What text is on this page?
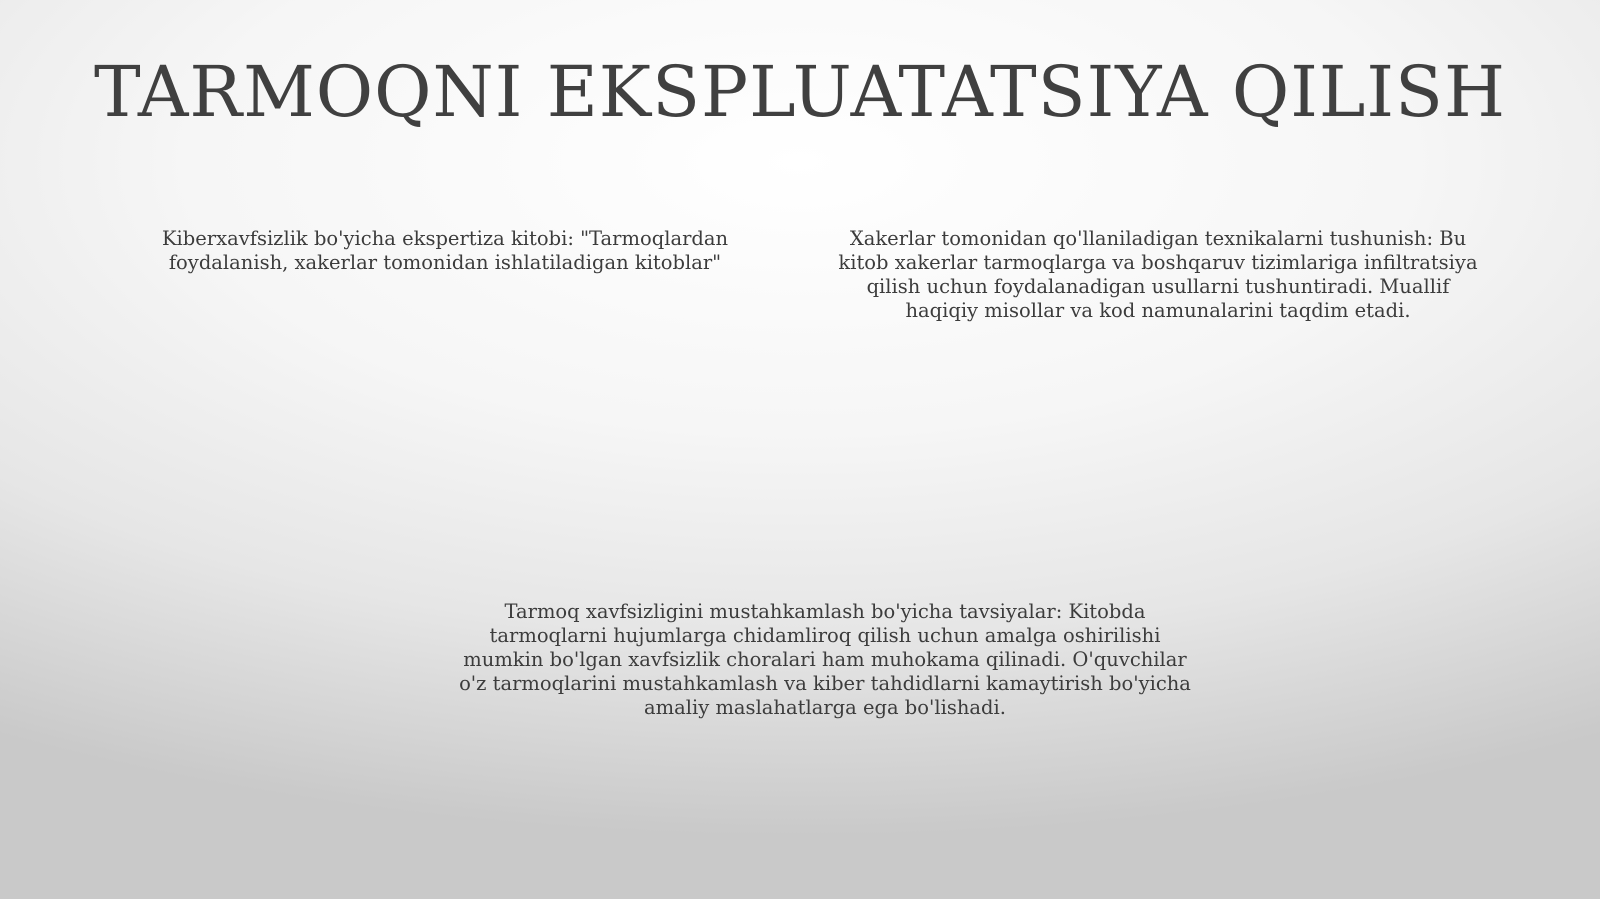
TARMOQNI EKSPLUATATSIYA QILISH
Kiberxavfsizlik bo'yicha ekspertiza kitobi: "Tarmoqlardan foydalanish, xakerlar tomonidan ishlatiladigan kitoblar"
Xakerlar tomonidan qo'llaniladigan texnikalarni tushunish: Bu kitob xakerlar tarmoqlarga va boshqaruv tizimlariga infiltratsiya qilish uchun foydalanadigan usullarni tushuntiradi. Muallif haqiqiy misollar va kod namunalarini taqdim etadi.
Tarmoq xavfsizligini mustahkamlash bo'yicha tavsiyalar: Kitobda tarmoqlarni hujumlarga chidamliroq qilish uchun amalga oshirilishi mumkin bo'lgan xavfsizlik choralari ham muhokama qilinadi. O'quvchilar o'z tarmoqlarini mustahkamlash va kiber tahdidlarni kamaytirish bo'yicha amaliy maslahatlarga ega bo'lishadi.
